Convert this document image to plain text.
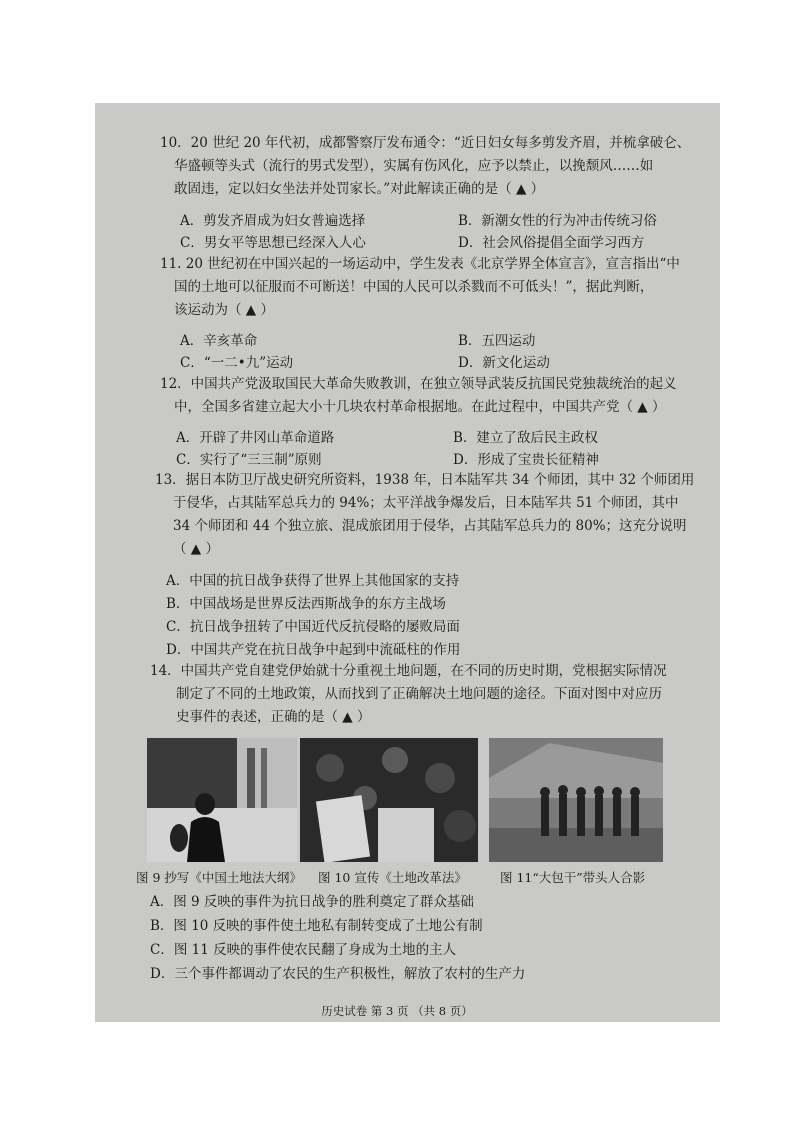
10．20 世纪 20 年代初，成都警察厅发布通令：“近日妇女每多剪发齐眉，并梳拿破仑、
华盛顿等头式（流行的男式发型），实属有伤风化，应予以禁止，以挽颓风……如
敢固违，定以妇女坐法并处罚家长。”对此解读正确的是（ ▲ ）
A．剪发齐眉成为妇女普遍选择	B．新潮女性的行为冲击传统习俗
C．男女平等思想已经深入人心	D．社会风俗提倡全面学习西方
11. 20 世纪初在中国兴起的一场运动中，学生发表《北京学界全体宣言》，宣言指出“中
国的土地可以征服而不可断送！中国的人民可以杀戮而不可低头！”，据此判断，
该运动为（ ▲ ）
A．辛亥革命	B．五四运动
C．“一二•九”运动	D．新文化运动
12．中国共产党汲取国民大革命失败教训，在独立领导武装反抗国民党独裁统治的起义
中，全国多省建立起大小十几块农村革命根据地。在此过程中，中国共产党（ ▲ ）
A．开辟了井冈山革命道路	B．建立了敌后民主政权
C．实行了“三三制”原则	D．形成了宝贵长征精神
13．据日本防卫厅战史研究所资料，1938 年，日本陆军共 34 个师团，其中 32 个师团用
于侵华，占其陆军总兵力的 94%；太平洋战争爆发后，日本陆军共 51 个师团，其中
34 个师团和 44 个独立旅、混成旅团用于侵华，占其陆军总兵力的 80%；这充分说明
（ ▲ ）
A．中国的抗日战争获得了世界上其他国家的支持
B．中国战场是世界反法西斯战争的东方主战场
C．抗日战争扭转了中国近代反抗侵略的屡败局面
D．中国共产党在抗日战争中起到中流砥柱的作用
14．中国共产党自建党伊始就十分重视土地问题，在不同的历史时期，党根据实际情况
制定了不同的土地政策，从而找到了正确解决土地问题的途径。下面对图中对应历
史事件的表述，正确的是（ ▲ ）
图 9 抄写《中国土地法大纲》 图 10 宣传《土地改革法》	图 11“大包干”带头人合影
A．图 9 反映的事件为抗日战争的胜利奠定了群众基础
B．图 10 反映的事件使土地私有制转变成了土地公有制
C．图 11 反映的事件使农民翻了身成为土地的主人
D．三个事件都调动了农民的生产积极性，解放了农村的生产力
历史试卷 第 3 页 （共 8 页）
